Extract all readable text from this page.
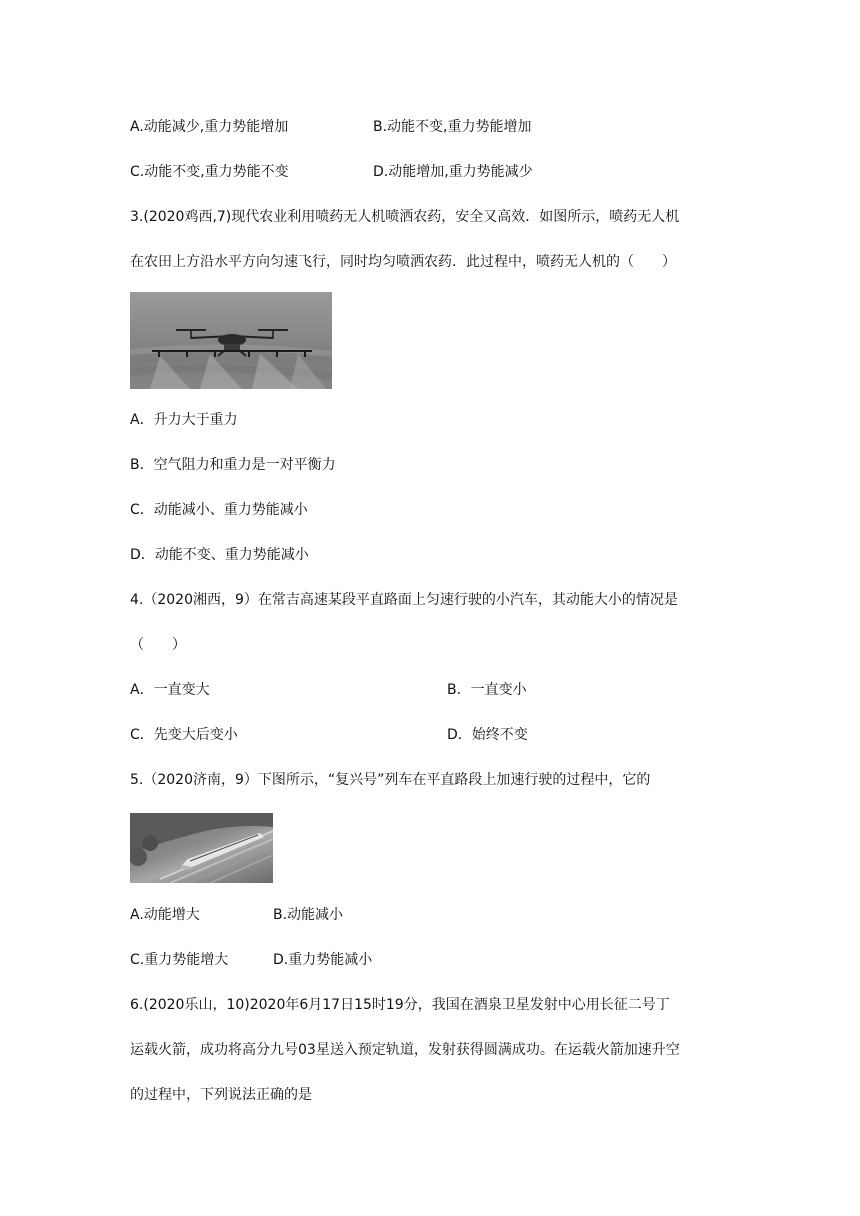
A.动能减少,重力势能增加	B.动能不变,重力势能增加
C.动能不变,重力势能不变	D.动能增加,重力势能减少
3.(2020鸡西,7)现代农业利用喷药无人机喷洒农药，安全又高效．如图所示，喷药无人机
在农田上方沿水平方向匀速飞行，同时均匀喷洒农药．此过程中，喷药无人机的（　　）
A．升力大于重力
B．空气阻力和重力是一对平衡力
C．动能减小、重力势能减小
D．动能不变、重力势能减小
4.（2020湘西，9）在常吉高速某段平直路面上匀速行驶的小汽车，其动能大小的情况是
（　　）
A．一直变大	B．一直变小
C．先变大后变小	D．始终不变
5.（2020济南，9）下图所示，“复兴号”列车在平直路段上加速行驶的过程中，它的
A.动能增大	B.动能减小
C.重力势能增大	D.重力势能减小
6.(2020乐山，10)2020年6月17日15时19分，我国在酒泉卫星发射中心用长征二号丁
运载火箭，成功将高分九号03星送入预定轨道，发射获得圆满成功。在运载火箭加速升空
的过程中，下列说法正确的是
